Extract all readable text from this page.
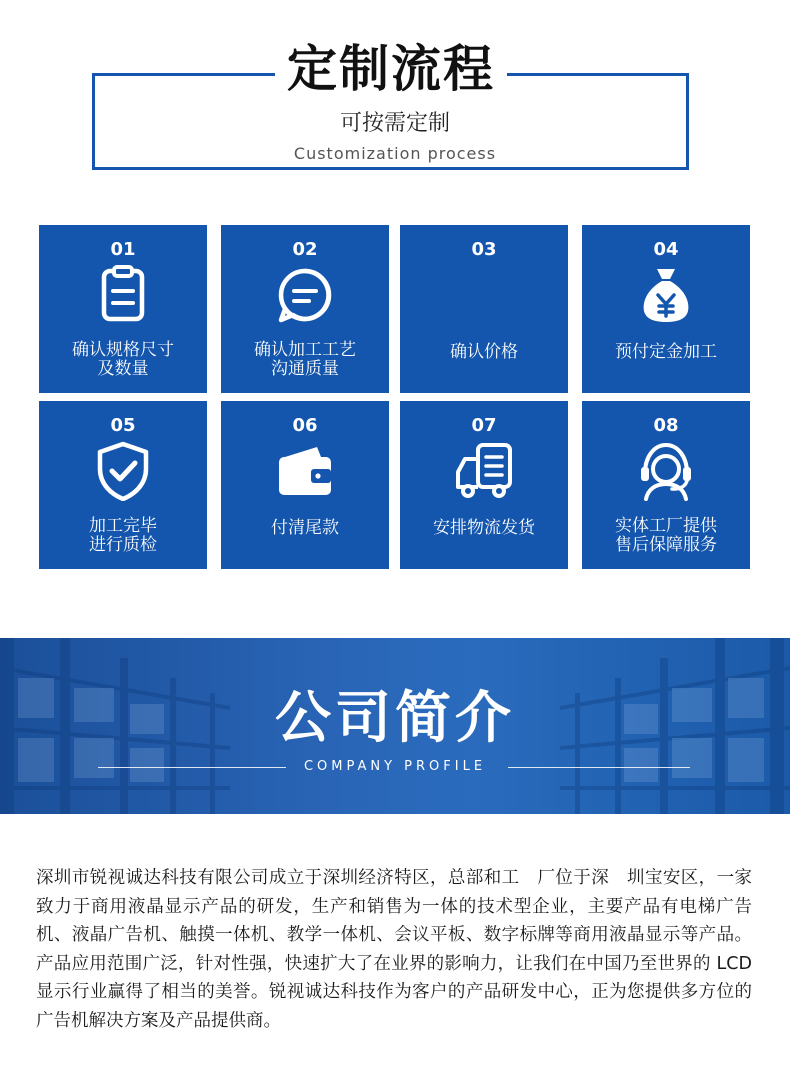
定制流程
可按需定制
Customization process
01
确认规格尺寸
及数量
02
确认加工工艺
沟通质量
03
确认价格
04
预付定金加工
05
加工完毕
进行质检
06
付清尾款
07
安排物流发货
08
实体工厂提供
售后保障服务
公司简介
COMPANY PROFILE
深圳市锐视诚达科技有限公司成立于深圳经济特区，总部和工　厂位于深　圳宝安区，一家致力于商用液晶显示产品的研发，生产和销售为一体的技术型企业，主要产品有电梯广告机、液晶广告机、触摸一体机、教学一体机、会议平板、数字标牌等商用液晶显示等产品。产品应用范围广泛，针对性强，快速扩大了在业界的影响力，让我们在中国乃至世界的 LCD 显示行业赢得了相当的美誉。锐视诚达科技作为客户的产品研发中心，正为您提供多方位的广告机解决方案及产品提供商。
